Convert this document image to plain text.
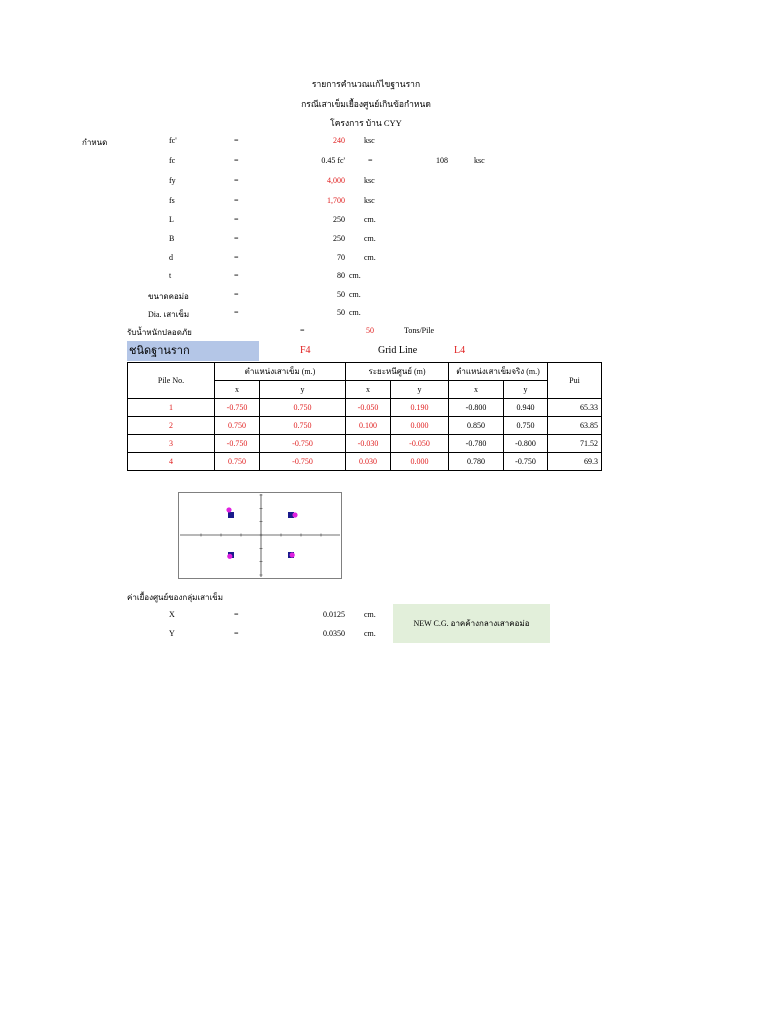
รายการคำนวณแก้ไขฐานราก
กรณีเสาเข็มเยื้องศูนย์เกินข้อกำหนด
โครงการ บ้าน CYY
กำหนด	fc'	=	240 ksc
fc	=	0.45 fc'	=	108	ksc
fy	=	4,000 ksc
fs	=	1,700 ksc
L	=	250 cm.
B	=	250 cm.
d	=	70 cm.
t	=	80 cm.
ขนาดคอม่อ	=	50 cm.
Dia. เสาเข็ม	=	50 cm.
รับน้ำหนักปลอดภัย	=	50	Tons/Pile
ชนิดฐานราก	F4	Grid Line	L4
Pile No.	ตำแหน่งเสาเข็ม (m.)		ระยะหนีศูนย์ (m)		ตำแหน่งเสาเข็มจริง (m.)		Pui
	x	y	x	y	x	y	
1	-0.750	0.750	-0.050	0.190	-0.800	0.940	65.33
2	0.750	0.750	0.100	0.000	0.850	0.750	63.85
3	-0.750	-0.750	-0.030	-0.050	-0.780	-0.800	71.52
4	0.750	-0.750	0.030	0.000	0.780	-0.750	69.3
ค่าเยื้องศูนย์ของกลุ่มเสาเข็ม
X	=	0.0125 cm.
Y	=	0.0350 cm.
NEW C.G. อาคค้างกลางเสาคอม่อ
